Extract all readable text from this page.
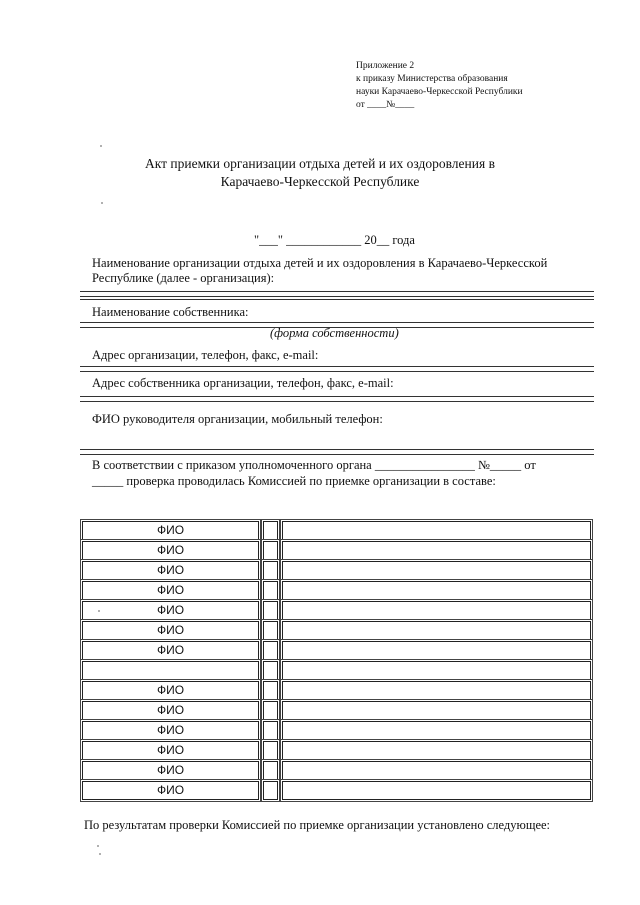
Приложение 2
к приказу Министерства образования
науки Карачаево-Черкесской Республики
от ____№____
Акт приемки организации отдыха детей и их оздоровления в
Карачаево-Черкесской Республике
"___" ____________ 20__ года
Наименование организации отдыха детей и их оздоровления в Карачаево-Черкесской
Республике (далее - организация):
Наименование собственника:
(форма собственности)
Адрес организации, телефон, факс, e-mail:
Адрес собственника организации, телефон, факс, e-mail:
ФИО руководителя организации, мобильный телефон:
В соответствии с приказом уполномоченного органа ________________ №_____ от
_____ проверка проводилась Комиссией по приемке организации в составе:
ФИО
ФИО
ФИО
ФИО
ФИО
ФИО
ФИО
ФИО
ФИО
ФИО
ФИО
ФИО
ФИО
По результатам проверки Комиссией по приемке организации установлено следующее:
